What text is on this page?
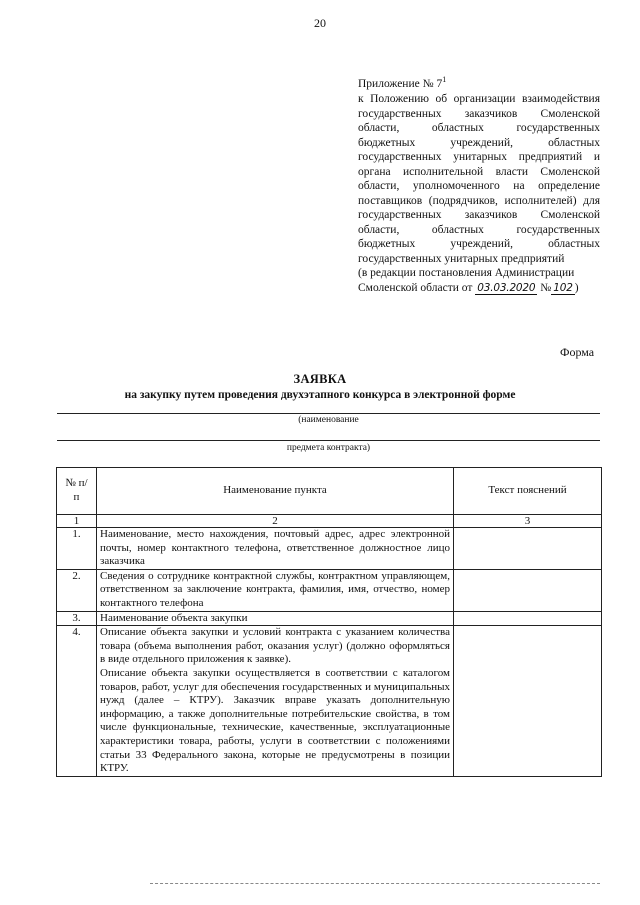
20
Приложение № $7^1$
к Положению об организации взаимодействия государственных заказчиков Смоленской области, областных государственных бюджетных учреждений, областных государственных унитарных предприятий и органа исполнительной власти Смоленской области, уполномоченного на определение поставщиков (подрядчиков, исполнителей) для государственных заказчиков Смоленской области, областных государственных бюджетных учреждений, областных государственных унитарных предприятий
(в редакции постановления Администрации Смоленской области от 03.03.2020 № 102 )
Форма
ЗАЯВКА
на закупку путем проведения двухэтапного конкурса в электронной форме
(наименование
предмета контракта)
№ п/п	Наименование пункта	Текст пояснений
1	2	3
1.	Наименование, место нахождения, почтовый адрес, адрес электронной почты, номер контактного телефона, ответственное должностное лицо заказчика	
2.	Сведения о сотруднике контрактной службы, контрактном управляющем, ответственном за заключение контракта, фамилия, имя, отчество, номер контактного телефона	
3.	Наименование объекта закупки	
4.	Описание объекта закупки и условий контракта с указанием количества товара (объема выполнения работ, оказания услуг) (должно оформляться в виде отдельного приложения к заявке).
Описание объекта закупки осуществляется в соответствии с каталогом товаров, работ, услуг для обеспечения государственных и муниципальных нужд (далее – КТРУ). Заказчик вправе указать дополнительную информацию, а также дополнительные потребительские свойства, в том числе функциональные, технические, качественные, эксплуатационные характеристики товара, работы, услуги в соответствии с положениями статьи 33 Федерального закона, которые не предусмотрены в позиции КТРУ.	
